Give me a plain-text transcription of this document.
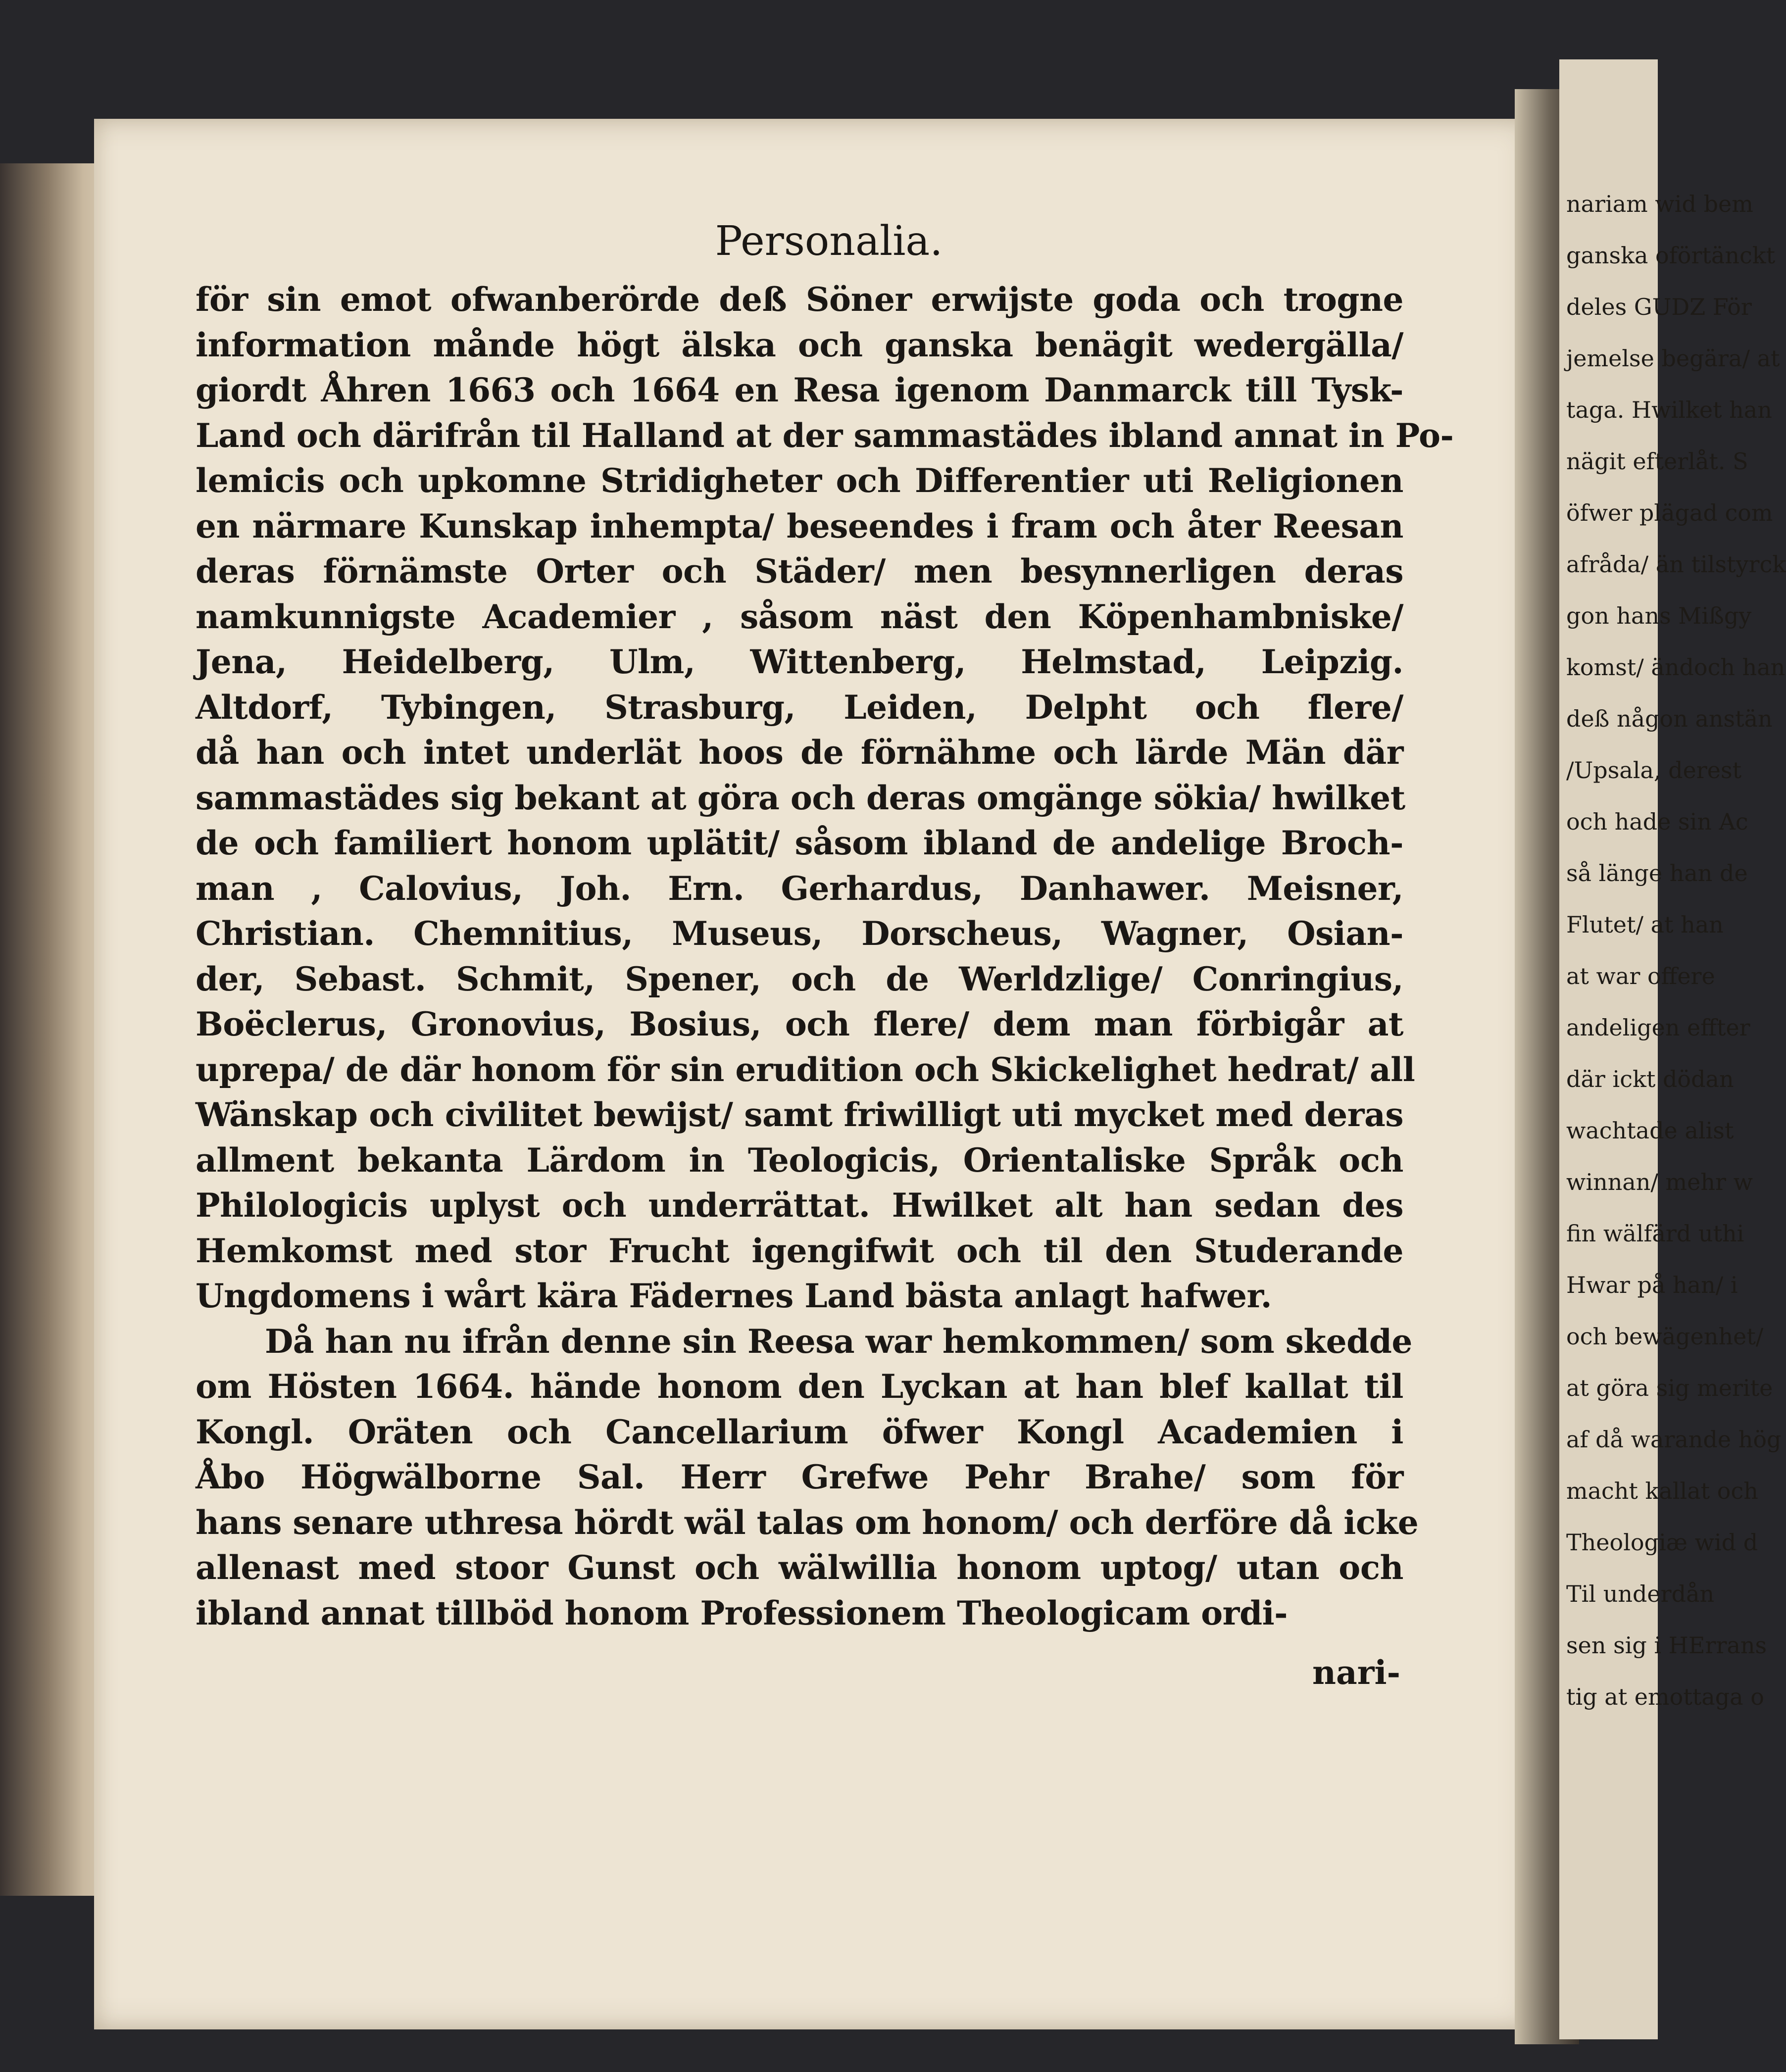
nariam wid bem
ganska oförtänckt
deles GUDZ För
jemelse begära/ at
taga. Hwilket han
nägit efterlåt. S
öfwer plägad com
afråda/ än tilstyrck
gon hans Mißgy
komst/ ändoch han
deß någon anstän
/Upsala, derest
och hade sin Ac
så länge han de
Flutet/ at han
at war offere
andeligen effter
där ickt dödan
wachtade alist
winnan/ mehr w
fin wälfärd uthi
Hwar på han/ i
och bewägenhet/
at göra sig merite
af då warande hög
macht kallat och
Theologiæ wid d
Til underdån
sen sig i HErrans
tig at emottaga o
Personalia.
för sin emot ofwanberörde deß Söner erwijste goda och trogne
information månde högt älska och ganska benägit wedergälla/
giordt Åhren 1663 och 1664 en Resa igenom Danmarck till Tysk-
Land och därifrån til Halland at der sammastädes ibland annat in Po-
lemicis och upkomne Stridigheter och Differentier uti Religionen
en närmare Kunskap inhempta/ beseendes i fram och åter Reesan
deras förnämste Orter och Städer/ men besynnerligen deras
namkunnigste Academier , såsom näst den Köpenhambniske/
Jena, Heidelberg, Ulm, Wittenberg, Helmstad, Leipzig.
Altdorf, Tybingen, Strasburg, Leiden, Delpht och flere/
då han och intet underlät hoos de förnähme och lärde Män där
sammastädes sig bekant at göra och deras omgänge sökia/ hwilket
de och familiert honom uplätit/ såsom ibland de andelige Broch-
man , Calovius, Joh. Ern. Gerhardus, Danhawer. Meisner,
Christian. Chemnitius, Museus, Dorscheus, Wagner, Osian-
der, Sebast. Schmit, Spener, och de Werldzlige/ Conringius,
Boëclerus, Gronovius, Bosius, och flere/ dem man förbigår at
uprepa/ de där honom för sin erudition och Skickelighet hedrat/ all
Wänskap och civilitet bewijst/ samt friwilligt uti mycket med deras
allment bekanta Lärdom in Teologicis, Orientaliske Språk och
Philologicis uplyst och underrättat. Hwilket alt han sedan des
Hemkomst med stor Frucht igengifwit och til den Studerande
Ungdomens i wårt kära Fädernes Land bästa anlagt hafwer.
Då han nu ifrån denne sin Reesa war hemkommen/ som skedde
om Hösten 1664. hände honom den Lyckan at han blef kallat til
Kongl. Oräten och Cancellarium öfwer Kongl Academien i
Åbo Högwälborne Sal. Herr Grefwe Pehr Brahe/ som för
hans senare uthresa hördt wäl talas om honom/ och derföre då icke
allenast med stoor Gunst och wälwillia honom uptog/ utan och
ibland annat tillböd honom Professionem Theologicam ordi-
nari-
